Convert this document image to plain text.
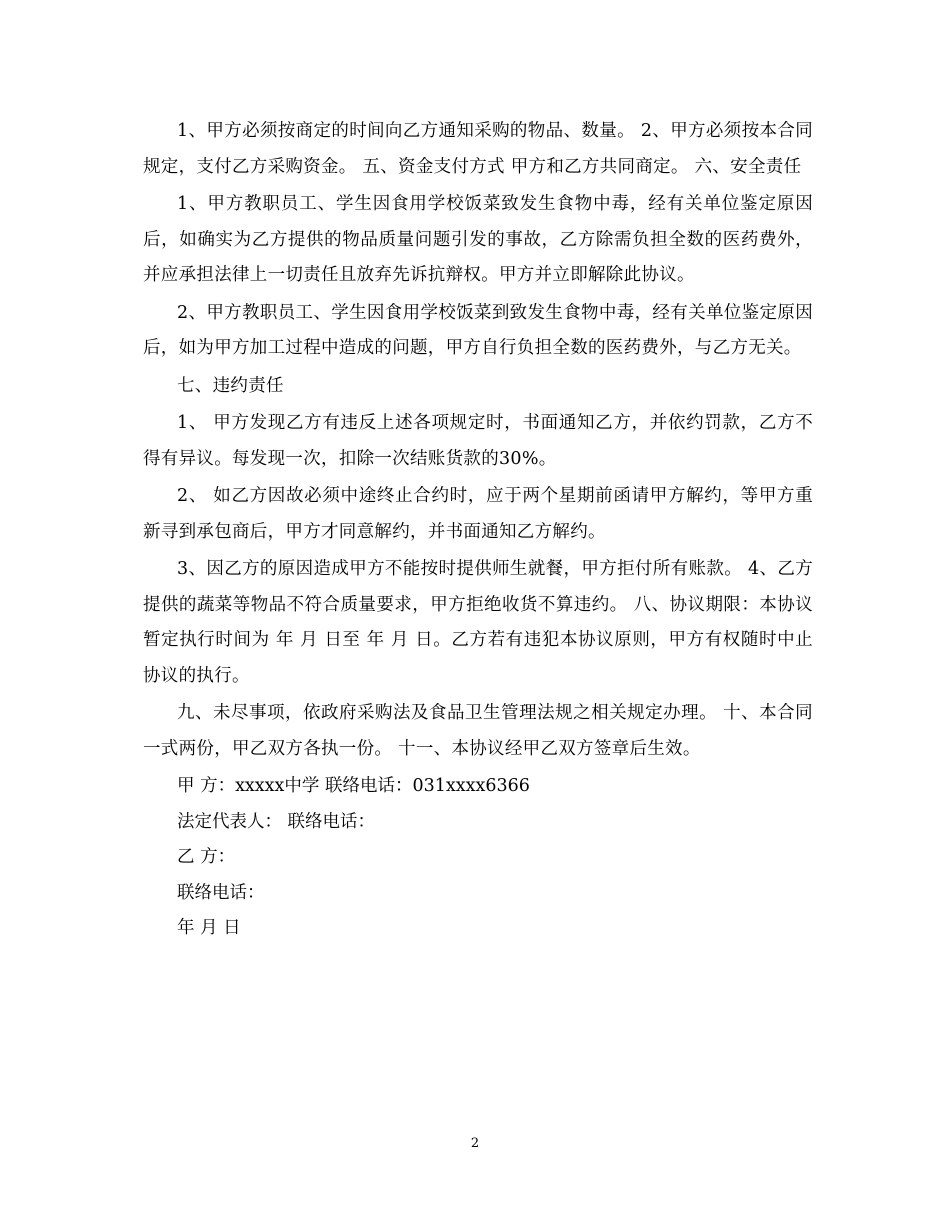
1、甲方必须按商定的时间向乙方通知采购的物品、数量。 2、甲方必须按本合同规定，支付乙方采购资金。 五、资金支付方式 甲方和乙方共同商定。 六、安全责任

1、甲方教职员工、学生因食用学校饭菜致发生食物中毒，经有关单位鉴定原因后，如确实为乙方提供的物品质量问题引发的事故，乙方除需负担全数的医药费外，并应承担法律上一切责任且放弃先诉抗辩权。甲方并立即解除此协议。

2、甲方教职员工、学生因食用学校饭菜到致发生食物中毒，经有关单位鉴定原因后，如为甲方加工过程中造成的问题，甲方自行负担全数的医药费外，与乙方无关。

七、违约责任

1、 甲方发现乙方有违反上述各项规定时，书面通知乙方，并依约罚款，乙方不得有异议。每发现一次，扣除一次结账货款的30%。

2、 如乙方因故必须中途终止合约时，应于两个星期前函请甲方解约，等甲方重新寻到承包商后，甲方才同意解约，并书面通知乙方解约。

3、因乙方的原因造成甲方不能按时提供师生就餐，甲方拒付所有账款。 4、乙方提供的蔬菜等物品不符合质量要求，甲方拒绝收货不算违约。 八、协议期限：本协议暂定执行时间为 年 月 日至 年 月 日。乙方若有违犯本协议原则，甲方有权随时中止协议的执行。

九、未尽事项，依政府采购法及食品卫生管理法规之相关规定办理。 十、本合同一式两份，甲乙双方各执一份。 十一、本协议经甲乙双方签章后生效。

甲 方：xxxxx中学 联络电话：031xxxx6366
法定代表人： 联络电话：
乙 方：
联络电话：
年 月 日
2
